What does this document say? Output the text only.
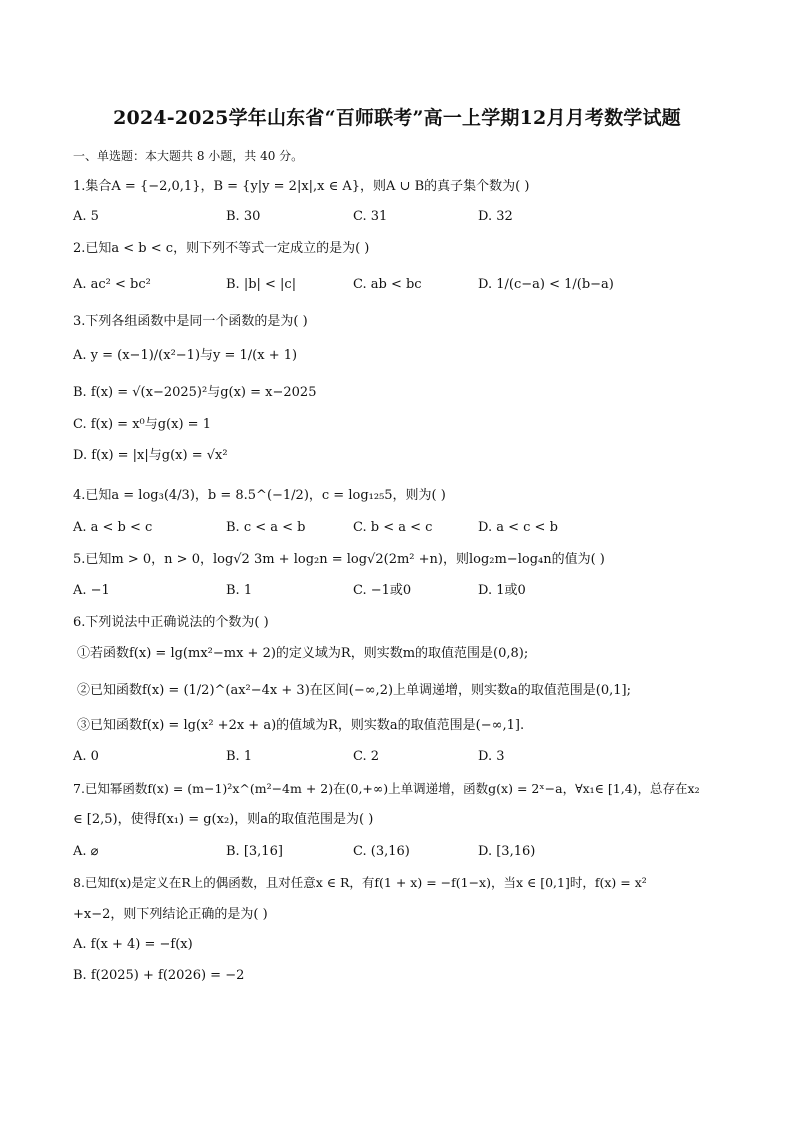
2024-2025学年山东省“百师联考”高一上学期12月月考数学试题
一、单选题：本大题共 8 小题，共 40 分。
1.集合A = {−2,0,1}，B = {y|y = 2|x|,x ∈ A}，则A ∪ B的真子集个数为( )
A. 5	B. 30	C. 31	D. 32
2.已知a < b < c，则下列不等式一定成立的是为( )
A. ac² < bc²	B. |b| < |c|	C. ab < bc	D. 1/(c−a) < 1/(b−a)
3.下列各组函数中是同一个函数的是为( )
A. y = (x−1)/(x²−1)与y = 1/(x + 1)
B. f(x) = √(x−2025)²与g(x) = x−2025
C. f(x) = x⁰与g(x) = 1
D. f(x) = |x|与g(x) = √x²
4.已知a = log₃(4/3)，b = 8.5^(−1/2)，c = log₁₂₅5，则为( )
A. a < b < c	B. c < a < b	C. b < a < c	D. a < c < b
5.已知m > 0，n > 0，log√2 3m + log₂n = log√2(2m² +n)，则log₂m−log₄n的值为( )
A. −1	B. 1	C. −1或0	D. 1或0
6.下列说法中正确说法的个数为( )
①若函数f(x) = lg(mx²−mx + 2)的定义域为R，则实数m的取值范围是(0,8);
②已知函数f(x) = (1/2)^(ax²−4x + 3)在区间(−∞,2)上单调递增，则实数a的取值范围是(0,1];
③已知函数f(x) = lg(x² +2x + a)的值域为R，则实数a的取值范围是(−∞,1].
A. 0	B. 1	C. 2	D. 3
7.已知幂函数f(x) = (m−1)²x^(m²−4m + 2)在(0,+∞)上单调递增，函数g(x) = 2ˣ−a，∀x₁∈ [1,4)，总存在x₂
∈ [2,5)，使得f(x₁) = g(x₂)，则a的取值范围是为( )
A. ⌀	B. [3,16]	C. (3,16)	D. [3,16)
8.已知f(x)是定义在R上的偶函数，且对任意x ∈ R，有f(1 + x) = −f(1−x)，当x ∈ [0,1]时，f(x) = x²
+x−2，则下列结论正确的是为( )
A. f(x + 4) = −f(x)
B. f(2025) + f(2026) = −2
